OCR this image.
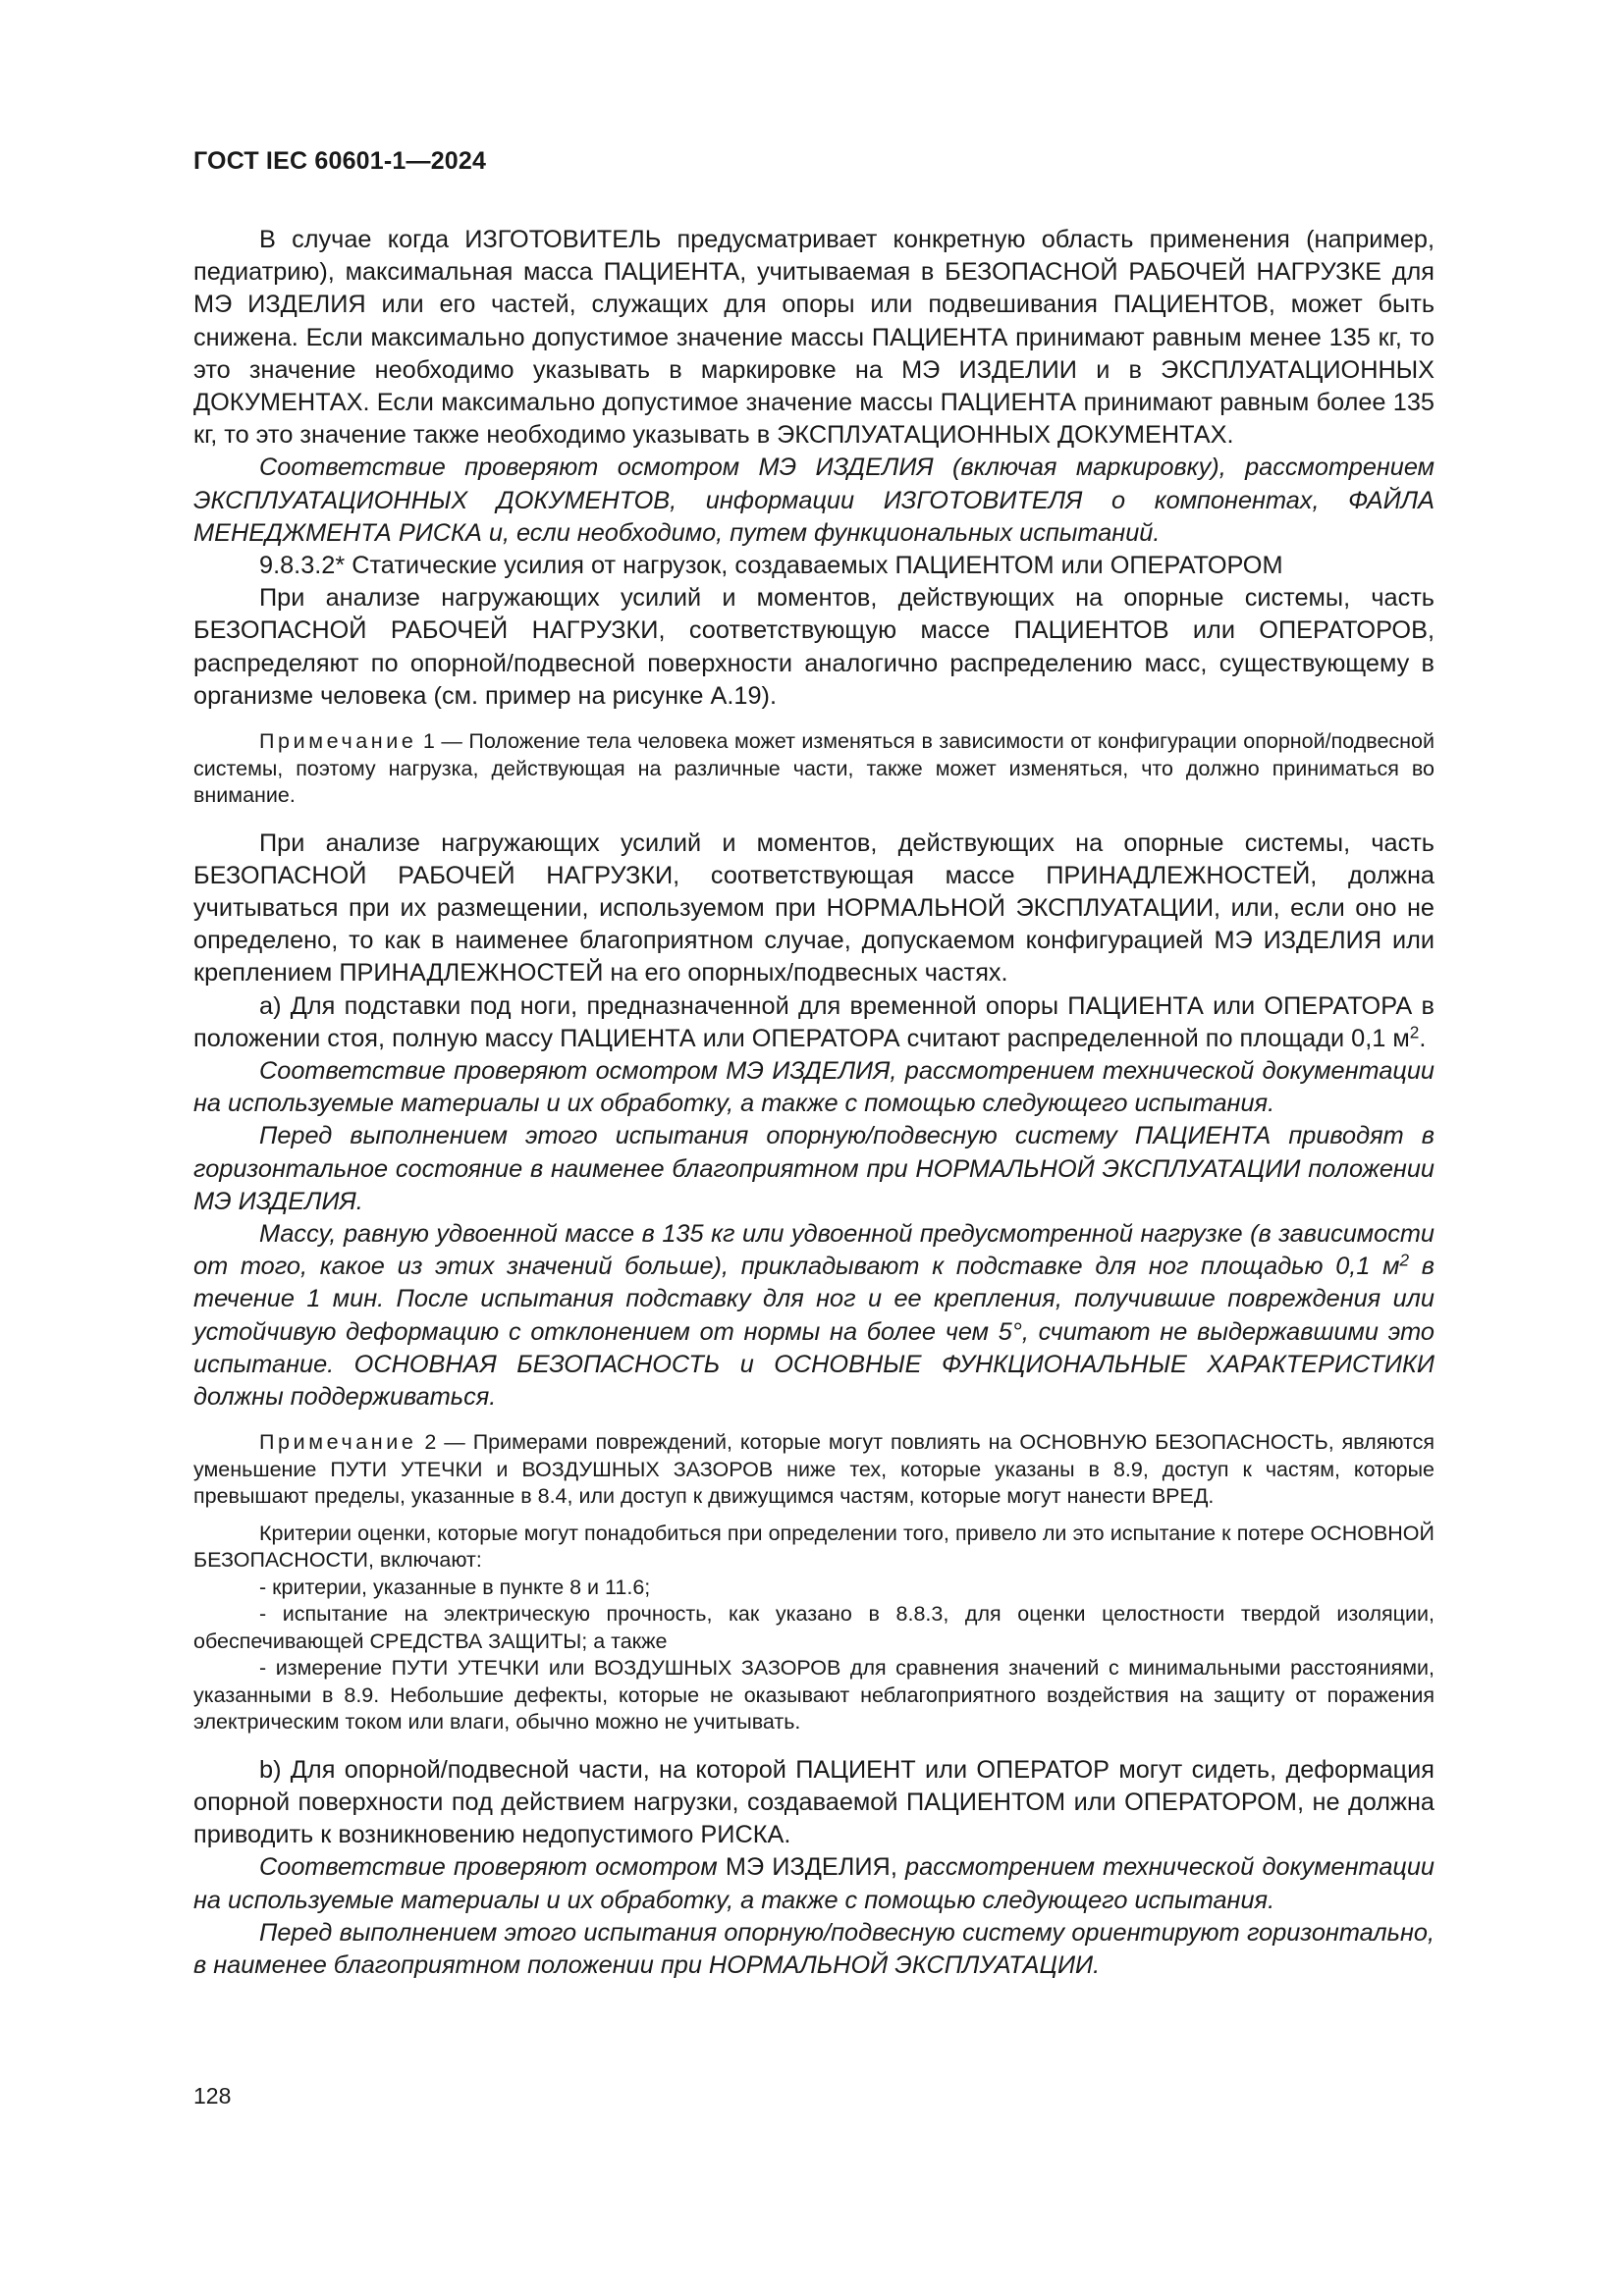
ГОСТ IEC 60601-1—2024

В случае когда ИЗГОТОВИТЕЛЬ предусматривает конкретную область применения (например, педиатрию), максимальная масса ПАЦИЕНТА, учитываемая в БЕЗОПАСНОЙ РАБОЧЕЙ НАГРУЗКЕ для МЭ ИЗДЕЛИЯ или его частей, служащих для опоры или подвешивания ПАЦИЕНТОВ, может быть снижена. Если максимально допустимое значение массы ПАЦИЕНТА принимают равным менее 135 кг, то это значение необходимо указывать в маркировке на МЭ ИЗДЕЛИИ и в ЭКСПЛУАТАЦИОННЫХ ДОКУМЕНТАХ. Если максимально допустимое значение массы ПАЦИЕНТА принимают равным более 135 кг, то это значение также необходимо указывать в ЭКСПЛУАТАЦИОННЫХ ДОКУМЕНТАХ.

Соответствие проверяют осмотром МЭ ИЗДЕЛИЯ (включая маркировку), рассмотрением ЭКСПЛУАТАЦИОННЫХ ДОКУМЕНТОВ, информации ИЗГОТОВИТЕЛЯ о компонентах, ФАЙЛА МЕНЕДЖМЕНТА РИСКА и, если необходимо, путем функциональных испытаний.

9.8.3.2* Статические усилия от нагрузок, создаваемых ПАЦИЕНТОМ или ОПЕРАТОРОМ

При анализе нагружающих усилий и моментов, действующих на опорные системы, часть БЕЗОПАСНОЙ РАБОЧЕЙ НАГРУЗКИ, соответствующую массе ПАЦИЕНТОВ или ОПЕРАТОРОВ, распределяют по опорной/подвесной поверхности аналогично распределению масс, существующему в организме человека (см. пример на рисунке А.19).

Примечание 1 — Положение тела человека может изменяться в зависимости от конфигурации опорной/подвесной системы, поэтому нагрузка, действующая на различные части, также может изменяться, что должно приниматься во внимание.

При анализе нагружающих усилий и моментов, действующих на опорные системы, часть БЕЗОПАСНОЙ РАБОЧЕЙ НАГРУЗКИ, соответствующая массе ПРИНАДЛЕЖНОСТЕЙ, должна учитываться при их размещении, используемом при НОРМАЛЬНОЙ ЭКСПЛУАТАЦИИ, или, если оно не определено, то как в наименее благоприятном случае, допускаемом конфигурацией МЭ ИЗДЕЛИЯ или креплением ПРИНАДЛЕЖНОСТЕЙ на его опорных/подвесных частях.

a) Для подставки под ноги, предназначенной для временной опоры ПАЦИЕНТА или ОПЕРАТОРА в положении стоя, полную массу ПАЦИЕНТА или ОПЕРАТОРА считают распределенной по площади 0,1 $м^2$.

Соответствие проверяют осмотром МЭ ИЗДЕЛИЯ, рассмотрением технической документации на используемые материалы и их обработку, а также с помощью следующего испытания.

Перед выполнением этого испытания опорную/подвесную систему ПАЦИЕНТА приводят в горизонтальное состояние в наименее благоприятном при НОРМАЛЬНОЙ ЭКСПЛУАТАЦИИ положении МЭ ИЗДЕЛИЯ.

Массу, равную удвоенной массе в 135 кг или удвоенной предусмотренной нагрузке (в зависимости от того, какое из этих значений больше), прикладывают к подставке для ног площадью 0,1 $м^2$ в течение 1 мин. После испытания подставку для ног и ее крепления, получившие повреждения или устойчивую деформацию с отклонением от нормы на более чем 5°, считают не выдержавшими это испытание. ОСНОВНАЯ БЕЗОПАСНОСТЬ и ОСНОВНЫЕ ФУНКЦИОНАЛЬНЫЕ ХАРАКТЕРИСТИКИ должны поддерживаться.

Примечание 2 — Примерами повреждений, которые могут повлиять на ОСНОВНУЮ БЕЗОПАСНОСТЬ, являются уменьшение ПУТИ УТЕЧКИ и ВОЗДУШНЫХ ЗАЗОРОВ ниже тех, которые указаны в 8.9, доступ к частям, которые превышают пределы, указанные в 8.4, или доступ к движущимся частям, которые могут нанести ВРЕД.

Критерии оценки, которые могут понадобиться при определении того, привело ли это испытание к потере ОСНОВНОЙ БЕЗОПАСНОСТИ, включают:

- критерии, указанные в пункте 8 и 11.6;

- испытание на электрическую прочность, как указано в 8.8.3, для оценки целостности твердой изоляции, обеспечивающей СРЕДСТВА ЗАЩИТЫ; а также

- измерение ПУТИ УТЕЧКИ или ВОЗДУШНЫХ ЗАЗОРОВ для сравнения значений с минимальными расстояниями, указанными в 8.9. Небольшие дефекты, которые не оказывают неблагоприятного воздействия на защиту от поражения электрическим током или влаги, обычно можно не учитывать.

b) Для опорной/подвесной части, на которой ПАЦИЕНТ или ОПЕРАТОР могут сидеть, деформация опорной поверхности под действием нагрузки, создаваемой ПАЦИЕНТОМ или ОПЕРАТОРОМ, не должна приводить к возникновению недопустимого РИСКА.

Соответствие проверяют осмотром МЭ ИЗДЕЛИЯ, рассмотрением технической документации на используемые материалы и их обработку, а также с помощью следующего испытания.

Перед выполнением этого испытания опорную/подвесную систему ориентируют горизонтально, в наименее благоприятном положении при НОРМАЛЬНОЙ ЭКСПЛУАТАЦИИ.

128
